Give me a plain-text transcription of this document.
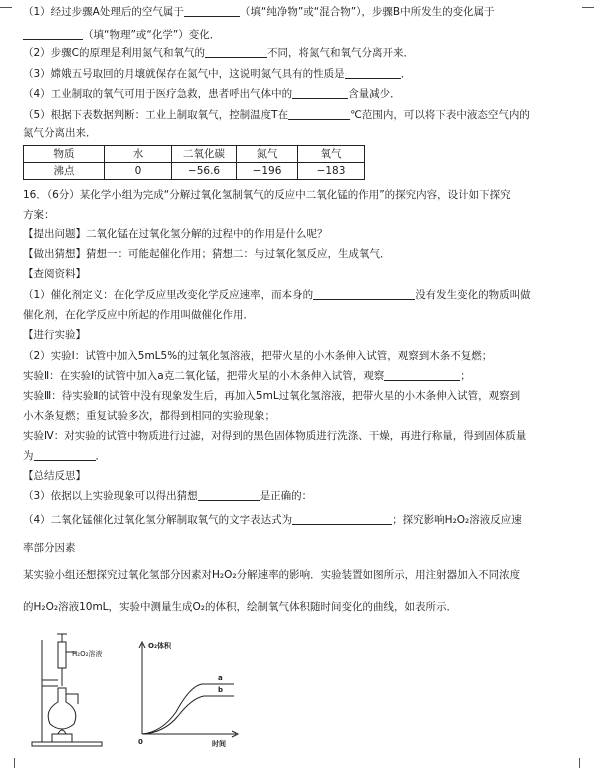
（1）经过步骤A处理后的空气属于	（填“纯净物”或“混合物”），步骤B中所发生的变化属于
（填“物理”或“化学”）变化．
（2）步骤C的原理是利用氮气和氧气的	不同，将氮气和氧气分离开来．
（3）嫦娥五号取回的月壤就保存在氮气中，这说明氮气具有的性质是	．
（4）工业制取的氧气可用于医疗急救，患者呼出气体中的	含量减少．
（5）根据下表数据判断：工业上制取氧气，控制温度T在	℃范围内，可以将下表中液态空气内的
氮气分离出来．
物质	水	二氧化碳	氮气	氧气
沸点	0	−56.6	−196	−183
16．（6分）某化学小组为完成“分解过氧化氢制氧气的反应中二氧化锰的作用”的探究内容，设计如下探究
方案：
【提出问题】二氧化锰在过氧化氢分解的过程中的作用是什么呢？
【做出猜想】猜想一：可能起催化作用；猜想二：与过氧化氢反应，生成氧气．
【查阅资料】
（1）催化剂定义：在化学反应里改变化学反应速率，而本身的	没有发生变化的物质叫做
催化剂，在化学反应中所起的作用叫做催化作用．
【进行实验】
（2）实验Ⅰ：试管中加入5mL5%的过氧化氢溶液，把带火星的小木条伸入试管，观察到木条不复燃；
实验Ⅱ：在实验Ⅰ的试管中加入a克二氧化锰，把带火星的小木条伸入试管，观察	；
实验Ⅲ：待实验Ⅱ的试管中没有现象发生后，再加入5mL过氧化氢溶液，把带火星的小木条伸入试管，观察到
小木条复燃；重复试验多次，都得到相同的实验现象；
实验Ⅳ：对实验的试管中物质进行过滤，对得到的黑色固体物质进行洗涤、干燥，再进行称量，得到固体质量
为	．
【总结反思】
（3）依据以上实验现象可以得出猜想	是正确的：
（4）二氧化锰催化过氧化氢分解制取氧气的文字表达式为	；探究影响H₂O₂溶液反应速
率部分因素
某实验小组还想探究过氧化氢部分因素对H₂O₂分解速率的影响．实验装置如图所示，用注射器加入不同浓度
的H₂O₂溶液10mL，实验中测量生成O₂的体积，绘制氧气体积随时间变化的曲线，如表所示．
H₂O₂溶液
O₂体积
时间
0
a
b
